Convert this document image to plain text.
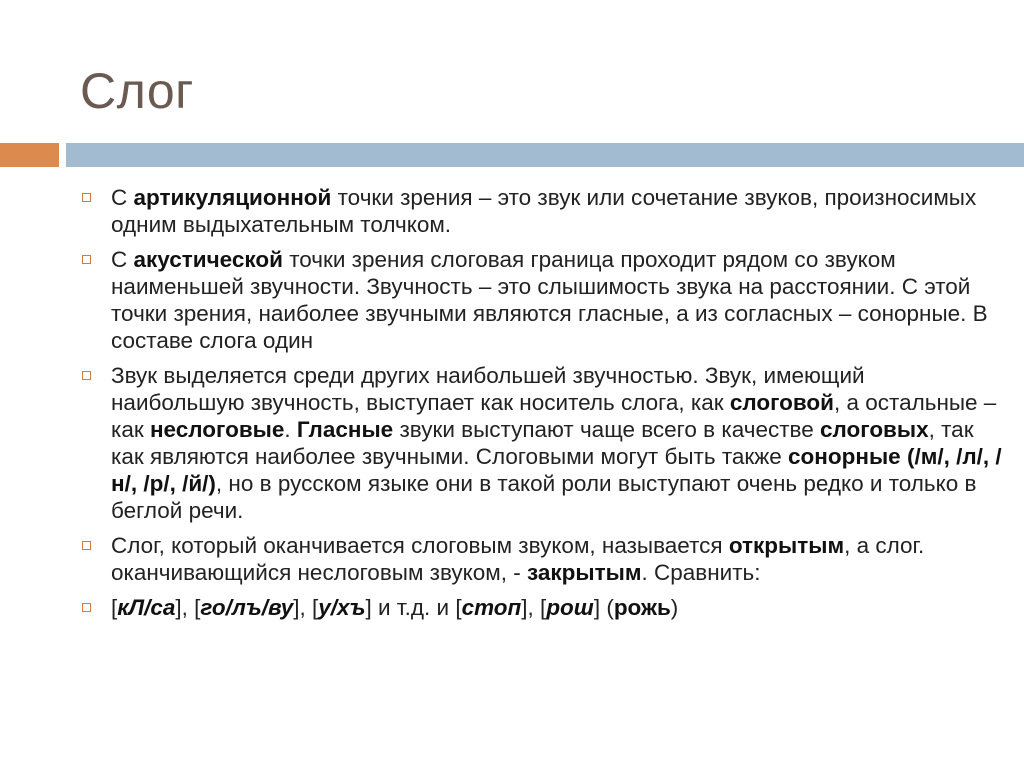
Слог
С артикуляционной точки зрения – это звук или сочетание звуков, произносимых одним выдыхательным толчком.
С акустической точки зрения слоговая граница проходит рядом со звуком наименьшей звучности. Звучность – это слышимость звука на расстоянии. С этой точки зрения, наиболее звучными являются гласные, а из согласных – сонорные. В составе слога один
Звук выделяется среди других наибольшей звучностью. Звук, имеющий наибольшую звучность, выступает как носитель слога, как слоговой, а остальные – как неслоговые. Гласные звуки выступают чаще всего в качестве слоговых, так как являются наиболее звучными. Слоговыми могут быть также сонорные (/м/, /л/, /н/, /р/, /й/), но в русском языке они в такой роли выступают очень редко и только в беглой речи.
Слог, который оканчивается слоговым звуком, называется открытым, а слог. оканчивающийся неслоговым звуком, - закрытым. Сравнить:
[кЛ/са], [го/лъ/ву], [у/хъ] и т.д. и [стоп], [рош] (рожь)
